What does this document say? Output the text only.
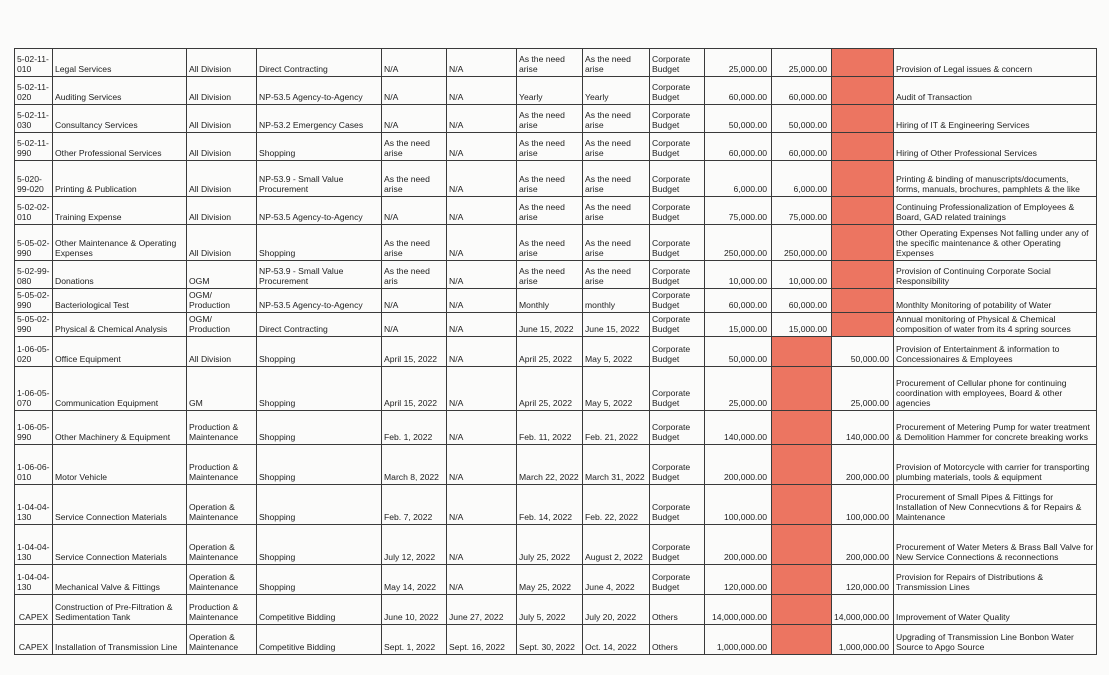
5-02-11-010	Legal Services	All Division	Direct Contracting	N/A	N/A	As the need arise	As the need arise	Corporate Budget	25,000.00	25,000.00		Provision of Legal issues & concern
5-02-11-020	Auditing Services	All Division	NP-53.5 Agency-to-Agency	N/A	N/A	Yearly	Yearly	Corporate Budget	60,000.00	60,000.00		Audit of Transaction
5-02-11-030	Consultancy Services	All Division	NP-53.2 Emergency Cases	N/A	N/A	As the need arise	As the need arise	Corporate Budget	50,000.00	50,000.00		Hiring of IT & Engineering Services
5-02-11-990	Other Professional Services	All Division	Shopping	As the need arise	N/A	As the need arise	As the need arise	Corporate Budget	60,000.00	60,000.00		Hiring of Other Professional Services
5-020-99-020	Printing & Publication	All Division	NP-53.9 - Small Value Procurement	As the need arise	N/A	As the need arise	As the need arise	Corporate Budget	6,000.00	6,000.00		Printing & binding of manuscripts/documents, forms, manuals, brochures, pamphlets & the like
5-02-02-010	Training Expense	All Division	NP-53.5 Agency-to-Agency	N/A	N/A	As the need arise	As the need arise	Corporate Budget	75,000.00	75,000.00		Continuing Professionalization of Employees & Board, GAD related trainings
5-05-02-990	Other Maintenance & Operating Expenses	All Division	Shopping	As the need arise	N/A	As the need arise	As the need arise	Corporate Budget	250,000.00	250,000.00		Other Operating Expenses Not falling under any of the specific maintenance & other Operating Expenses
5-02-99-080	Donations	OGM	NP-53.9 - Small Value Procurement	As the need aris	N/A	As the need arise	As the need arise	Corporate Budget	10,000.00	10,000.00		Provision of Continuing Corporate Social Responsibility
5-05-02-990	Bacteriological Test	OGM/ Production	NP-53.5 Agency-to-Agency	N/A	N/A	Monthly	monthly	Corporate Budget	60,000.00	60,000.00		Monthlty Monitoring of potability of Water
5-05-02-990	Physical & Chemical Analysis	OGM/ Production	Direct Contracting	N/A	N/A	June 15, 2022	June 15, 2022	Corporate Budget	15,000.00	15,000.00		Annual monitoring of Physical & Chemical composition of water from its 4 spring sources
1-06-05-020	Office Equipment	All Division	Shopping	April 15, 2022	N/A	April 25, 2022	May 5, 2022	Corporate Budget	50,000.00		50,000.00	Provision of Entertainment & information to Concessionaires & Employees
1-06-05-070	Communication Equipment	GM	Shopping	April 15, 2022	N/A	April 25, 2022	May 5, 2022	Corporate Budget	25,000.00		25,000.00	Procurement of Cellular phone for continuing coordination with employees, Board & other agencies
1-06-05-990	Other Machinery & Equipment	Production & Maintenance	Shopping	Feb. 1, 2022	N/A	Feb. 11, 2022	Feb. 21, 2022	Corporate Budget	140,000.00		140,000.00	Procurement of Metering Pump for water treatment & Demolition Hammer for concrete breaking works
1-06-06-010	Motor Vehicle	Production & Maintenance	Shopping	March 8, 2022	N/A	March 22, 2022	March 31, 2022	Corporate Budget	200,000.00		200,000.00	Provision of Motorcycle with carrier for transporting plumbing materials, tools & equipment
1-04-04-130	Service Connection Materials	Operation & Maintenance	Shopping	Feb. 7, 2022	N/A	Feb. 14, 2022	Feb. 22, 2022	Corporate Budget	100,000.00		100,000.00	Procurement of Small Pipes & Fittings for Installation of New Connecvtions & for Repairs & Maintenance
1-04-04-130	Service Connection Materials	Operation & Maintenance	Shopping	July 12, 2022	N/A	July 25, 2022	August 2, 2022	Corporate Budget	200,000.00		200,000.00	Procurement of Water Meters & Brass Ball Valve for New Service Connections & reconnections
1-04-04-130	Mechanical Valve & Fittings	Operation & Maintenance	Shopping	May 14, 2022	N/A	May 25, 2022	June 4, 2022	Corporate Budget	120,000.00		120,000.00	Provision for Repairs of Distributions & Transmission Lines
CAPEX	Construction of Pre-Filtration & Sedimentation Tank	Production & Maintenance	Competitive Bidding	June 10, 2022	June 27, 2022	July 5, 2022	July 20, 2022	Others	14,000,000.00		14,000,000.00	Improvement of Water Quality
CAPEX	Installation of Transmission Line	Operation & Maintenance	Competitive Bidding	Sept. 1, 2022	Sept. 16, 2022	Sept. 30, 2022	Oct. 14, 2022	Others	1,000,000.00		1,000,000.00	Upgrading of Transmission Line Bonbon Water Source to Apgo Source
